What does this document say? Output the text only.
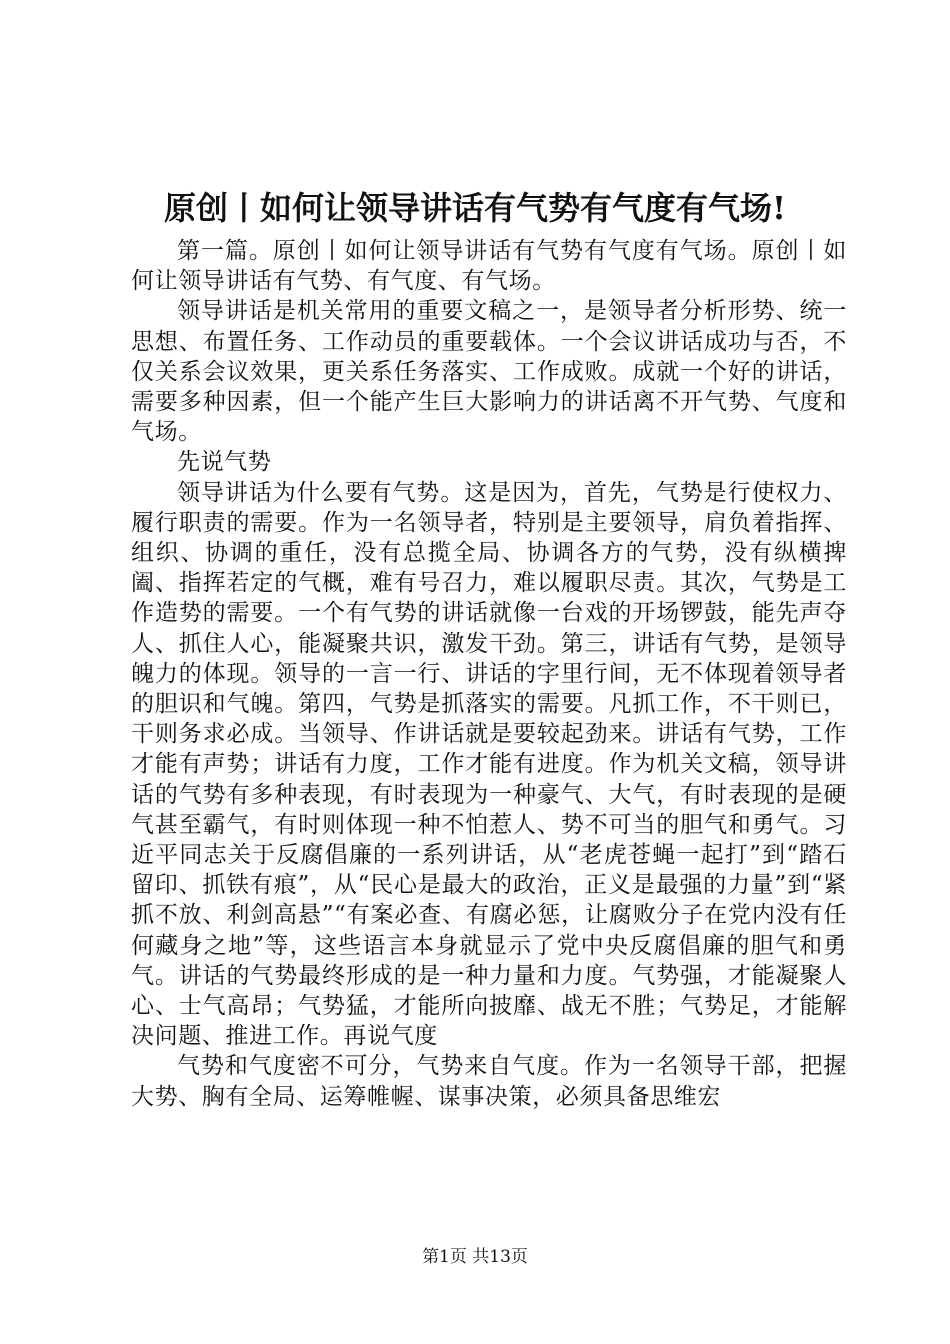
原创丨如何让领导讲话有气势有气度有气场!

第一篇。原创丨如何让领导讲话有气势有气度有气场。原创丨如何让领导讲话有气势、有气度、有气场。

领导讲话是机关常用的重要文稿之一，是领导者分析形势、统一思想、布置任务、工作动员的重要载体。一个会议讲话成功与否，不仅关系会议效果，更关系任务落实、工作成败。成就一个好的讲话，需要多种因素，但一个能产生巨大影响力的讲话离不开气势、气度和气场。

先说气势

领导讲话为什么要有气势。这是因为，首先，气势是行使权力、履行职责的需要。作为一名领导者，特别是主要领导，肩负着指挥、组织、协调的重任，没有总揽全局、协调各方的气势，没有纵横捭阖、指挥若定的气概，难有号召力，难以履职尽责。其次，气势是工作造势的需要。一个有气势的讲话就像一台戏的开场锣鼓，能先声夺人、抓住人心，能凝聚共识，激发干劲。第三，讲话有气势，是领导魄力的体现。领导的一言一行、讲话的字里行间，无不体现着领导者的胆识和气魄。第四，气势是抓落实的需要。凡抓工作，不干则已，干则务求必成。当领导、作讲话就是要较起劲来。讲话有气势，工作才能有声势；讲话有力度，工作才能有进度。作为机关文稿，领导讲话的气势有多种表现，有时表现为一种豪气、大气，有时表现的是硬气甚至霸气，有时则体现一种不怕惹人、势不可当的胆气和勇气。习近平同志关于反腐倡廉的一系列讲话，从“老虎苍蝇一起打”到“踏石留印、抓铁有痕”，从“民心是最大的政治，正义是最强的力量”到“紧抓不放、利剑高悬”“有案必查、有腐必惩，让腐败分子在党内没有任何藏身之地”等，这些语言本身就显示了党中央反腐倡廉的胆气和勇气。讲话的气势最终形成的是一种力量和力度。气势强，才能凝聚人心、士气高昂；气势猛，才能所向披靡、战无不胜；气势足，才能解决问题、推进工作。再说气度

气势和气度密不可分，气势来自气度。作为一名领导干部，把握大势、胸有全局、运筹帷幄、谋事决策，必须具备思维宏

第1页 共13页
